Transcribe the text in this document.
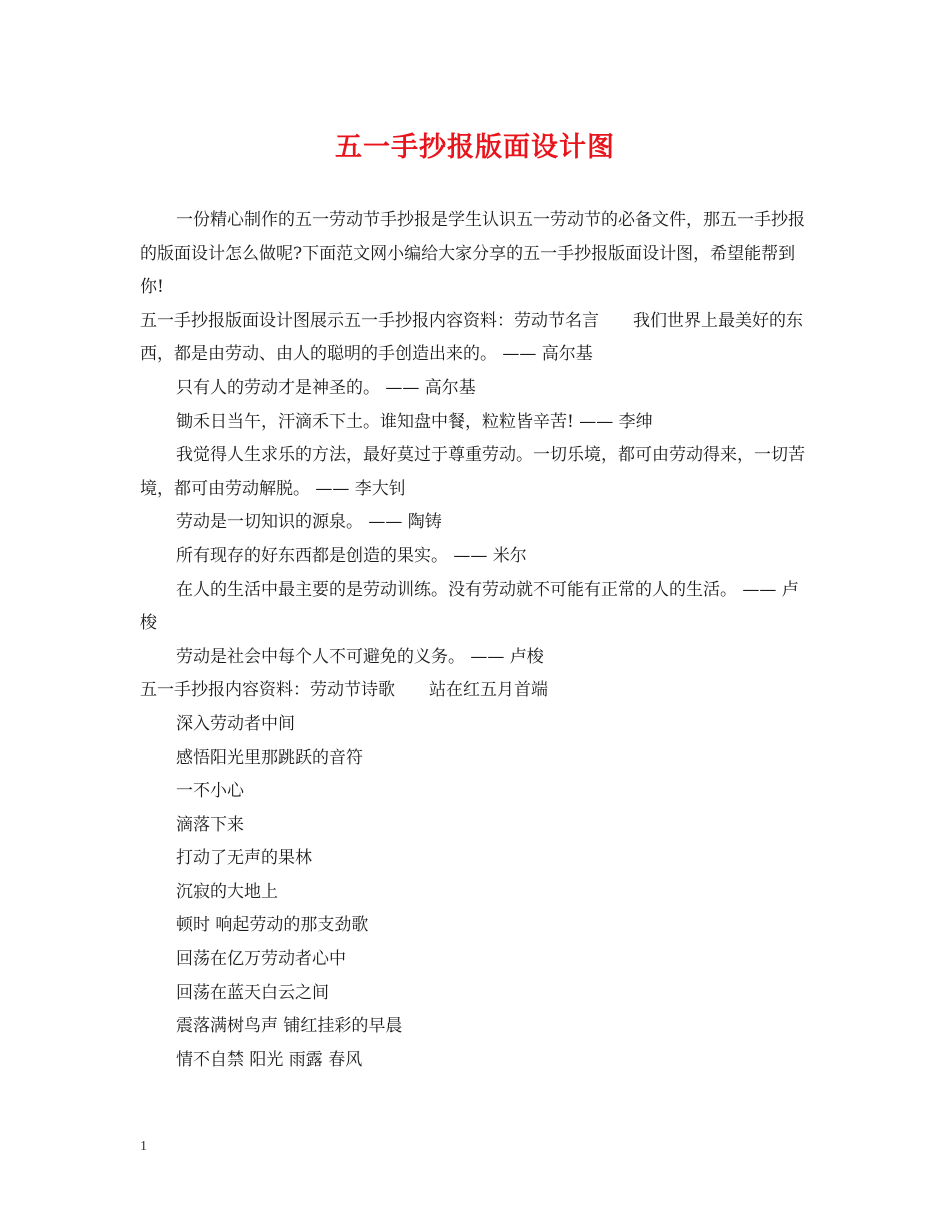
五一手抄报版面设计图

一份精心制作的五一劳动节手抄报是学生认识五一劳动节的必备文件，那五一手抄报的版面设计怎么做呢?下面范文网小编给大家分享的五一手抄报版面设计图，希望能帮到你!

五一手抄报版面设计图展示五一手抄报内容资料：劳动节名言　　我们世界上最美好的东西，都是由劳动、由人的聪明的手创造出来的。 —— 高尔基

只有人的劳动才是神圣的。 —— 高尔基

锄禾日当午，汗滴禾下土。谁知盘中餐，粒粒皆辛苦! —— 李绅

我觉得人生求乐的方法，最好莫过于尊重劳动。一切乐境，都可由劳动得来，一切苦境，都可由劳动解脱。 —— 李大钊

劳动是一切知识的源泉。 —— 陶铸

所有现存的好东西都是创造的果实。 —— 米尔

在人的生活中最主要的是劳动训练。没有劳动就不可能有正常的人的生活。 —— 卢梭

劳动是社会中每个人不可避免的义务。 —— 卢梭

五一手抄报内容资料：劳动节诗歌　　站在红五月首端

深入劳动者中间

感悟阳光里那跳跃的音符

一不小心

滴落下来

打动了无声的果林

沉寂的大地上

顿时 响起劳动的那支劲歌

回荡在亿万劳动者心中

回荡在蓝天白云之间

震落满树鸟声 铺红挂彩的早晨

情不自禁 阳光 雨露 春风

1
